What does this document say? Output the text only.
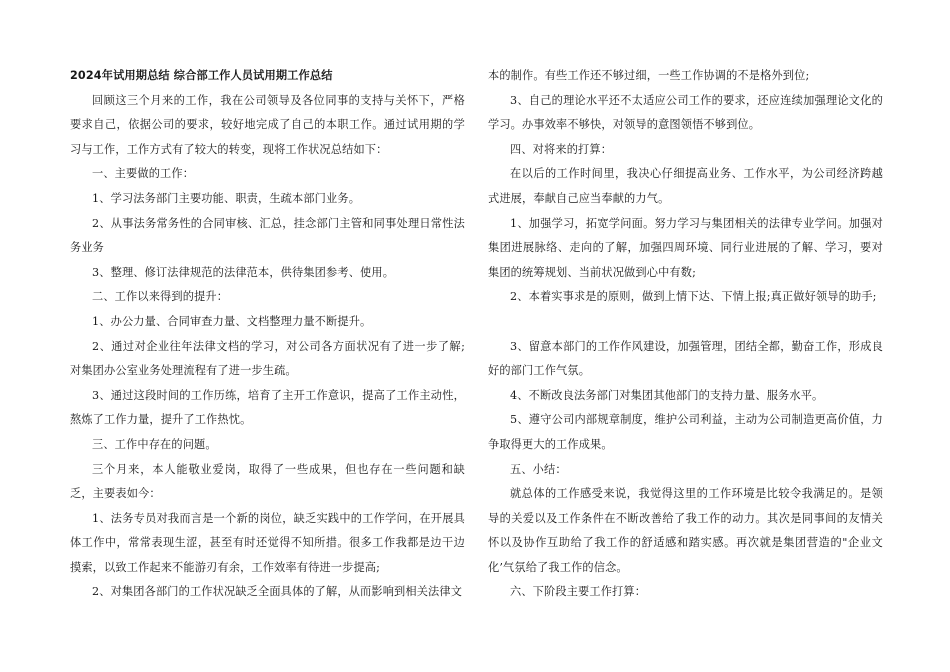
2024年试用期总结 综合部工作人员试用期工作总结

回顾这三个月来的工作，我在公司领导及各位同事的支持与关怀下，严格要求自己，依据公司的要求，较好地完成了自己的本职工作。通过试用期的学习与工作，工作方式有了较大的转变，现将工作状况总结如下：

一、主要做的工作：

1、学习法务部门主要功能、职责，生疏本部门业务。

2、从事法务常务性的合同审核、汇总，挂念部门主管和同事处理日常性法务业务

3、整理、修订法律规范的法律范本，供待集团参考、使用。

二、工作以来得到的提升：

1、办公力量、合同审查力量、文档整理力量不断提升。

2、通过对企业往年法律文档的学习，对公司各方面状况有了进一步了解;对集团办公室业务处理流程有了进一步生疏。

3、通过这段时间的工作历练，培育了主开工作意识，提高了工作主动性，熬炼了工作力量，提升了工作热忱。

三、工作中存在的问题。

三个月来，本人能敬业爱岗，取得了一些成果，但也存在一些问题和缺乏，主要表如今：

1、法务专员对我而言是一个新的岗位，缺乏实践中的工作学问，在开展具体工作中，常常表现生涩，甚至有时还觉得不知所措。很多工作我都是边干边摸索，以致工作起来不能游刃有余，工作效率有待进一步提高;

2、对集团各部门的工作状况缺乏全面具体的了解，从而影响到相关法律文

本的制作。有些工作还不够过细，一些工作协调的不是格外到位;

3、自己的理论水平还不太适应公司工作的要求，还应连续加强理论文化的学习。办事效率不够快，对领导的意图领悟不够到位。

四、对将来的打算：

在以后的工作时间里，我决心仔细提高业务、工作水平，为公司经济跨越式进展，奉献自己应当奉献的力气。

1、加强学习，拓宽学问面。努力学习与集团相关的法律专业学问。加强对集团进展脉络、走向的了解，加强四周环境、同行业进展的了解、学习，要对集团的统筹规划、当前状况做到心中有数;

2、本着实事求是的原则，做到上情下达、下情上报;真正做好领导的助手;

3、留意本部门的工作作风建设，加强管理，团结全都，勤奋工作，形成良好的部门工作气氛。

4、不断改良法务部门对集团其他部门的支持力量、服务水平。

5、遵守公司内部规章制度，维护公司利益，主动为公司制造更高价值，力争取得更大的工作成果。

五、小结：

就总体的工作感受来说，我觉得这里的工作环境是比较令我满足的。是领导的关爱以及工作条件在不断改善给了我工作的动力。其次是同事间的友情关怀以及协作互助给了我工作的舒适感和踏实感。再次就是集团营造的"企业文化’气氛给了我工作的信念。

六、下阶段主要工作打算：
